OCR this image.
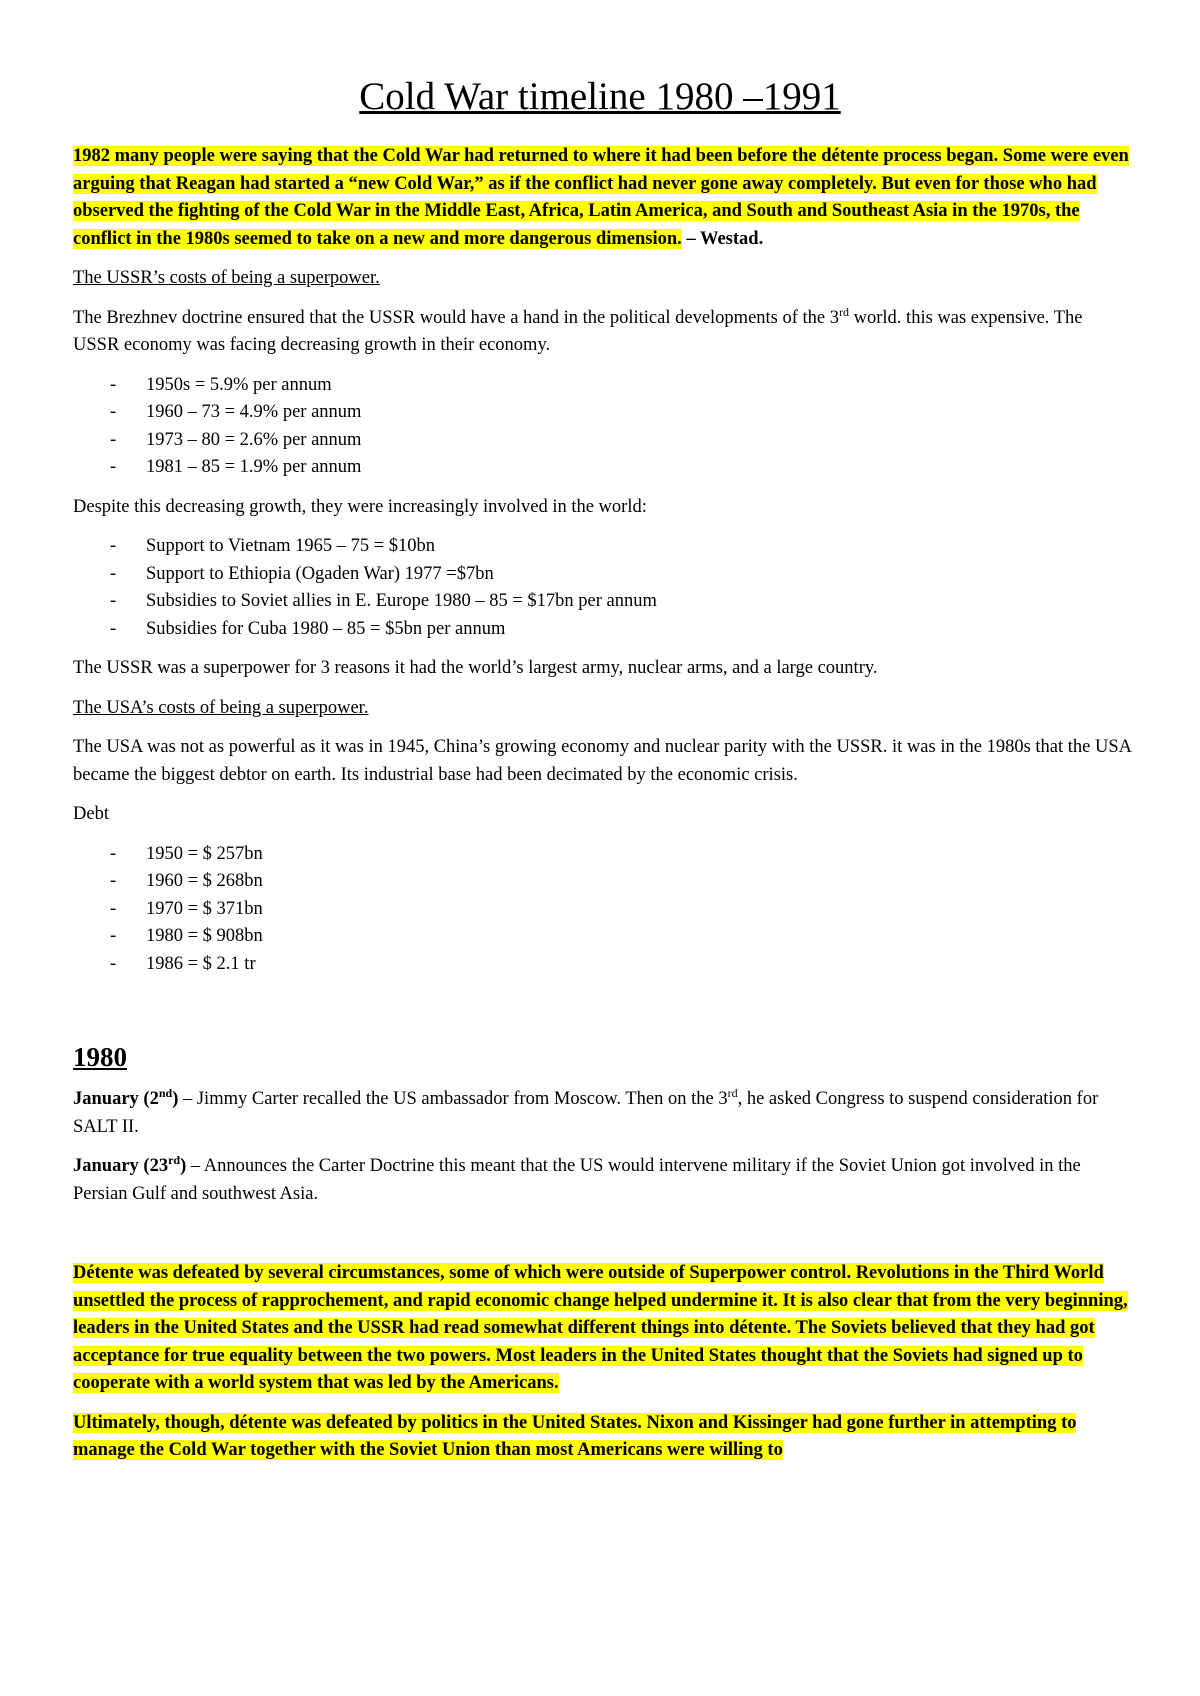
Cold War timeline 1980 –1991

1982 many people were saying that the Cold War had returned to where it had been before the détente process began. Some were even arguing that Reagan had started a “new Cold War,” as if the conflict had never gone away completely. But even for those who had observed the fighting of the Cold War in the Middle East, Africa, Latin America, and South and Southeast Asia in the 1970s, the conflict in the 1980s seemed to take on a new and more dangerous dimension. – Westad.

The USSR’s costs of being a superpower.

The Brezhnev doctrine ensured that the USSR would have a hand in the political developments of the 3rd world. this was expensive. The USSR economy was facing decreasing growth in their economy.

- 1950s = 5.9% per annum
- 1960 – 73 = 4.9% per annum
- 1973 – 80 = 2.6% per annum
- 1981 – 85 = 1.9% per annum

Despite this decreasing growth, they were increasingly involved in the world:

- Support to Vietnam 1965 – 75 = $10bn
- Support to Ethiopia (Ogaden War) 1977 =$7bn
- Subsidies to Soviet allies in E. Europe 1980 – 85 = $17bn per annum
- Subsidies for Cuba 1980 – 85 = $5bn per annum

The USSR was a superpower for 3 reasons it had the world’s largest army, nuclear arms, and a large country.

The USA’s costs of being a superpower.

The USA was not as powerful as it was in 1945, China’s growing economy and nuclear parity with the USSR. it was in the 1980s that the USA became the biggest debtor on earth. Its industrial base had been decimated by the economic crisis.

Debt

- 1950 = $ 257bn
- 1960 = $ 268bn
- 1970 = $ 371bn
- 1980 = $ 908bn
- 1986 = $ 2.1 tr

1980

January (2nd) – Jimmy Carter recalled the US ambassador from Moscow. Then on the 3rd, he asked Congress to suspend consideration for SALT II.

January (23rd) – Announces the Carter Doctrine this meant that the US would intervene military if the Soviet Union got involved in the Persian Gulf and southwest Asia.

Détente was defeated by several circumstances, some of which were outside of Superpower control. Revolutions in the Third World unsettled the process of rapprochement, and rapid economic change helped undermine it. It is also clear that from the very beginning, leaders in the United States and the USSR had read somewhat different things into détente. The Soviets believed that they had got acceptance for true equality between the two powers. Most leaders in the United States thought that the Soviets had signed up to cooperate with a world system that was led by the Americans.

Ultimately, though, détente was defeated by politics in the United States. Nixon and Kissinger had gone further in attempting to manage the Cold War together with the Soviet Union than most Americans were willing to
